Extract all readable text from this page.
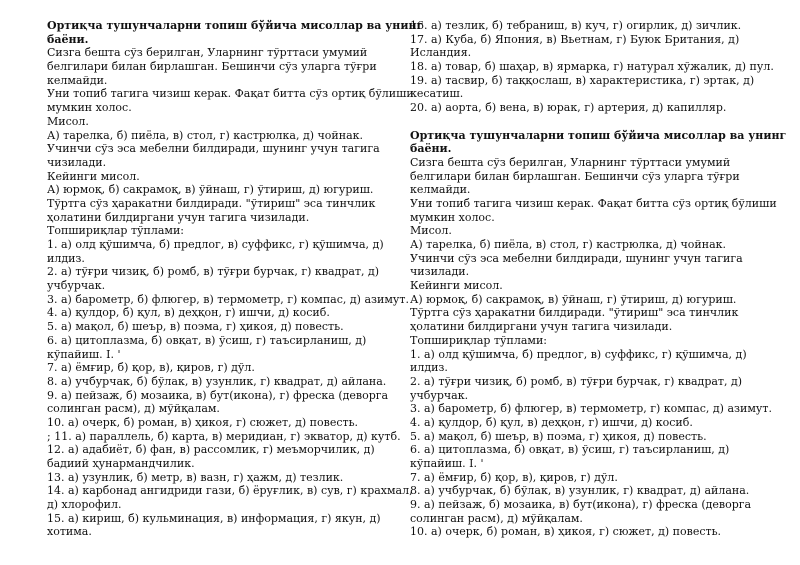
Ортиқча тушунчаларни топиш бўйича мисоллар ва унинг
баёни.
Сизга бешта сўз берилган, Уларнинг тўрттаси умумий
белгилари билан бирлашган. Бешинчи сўз уларга тўғри
келмайди.
Уни топиб тагига чизиш керак. Фақат битта сўз ортиқ бўлиши
мумкин холос.
Мисол.
А) тарелка, б) пиёла, в) стол, г) кастрюлка, д) чойнак.
Учинчи сўз эса мебелни билдиради, шунинг учун тагига
чизилади.
Кейинги мисол.
А) юрмоқ, б) сакрамоқ, в) ўйнаш, г) ўтириш, д) югуриш.
Тўртга сўз ҳаракатни билдиради. "ўтириш" эса тинчлик
ҳолатини билдиргани учун тагига чизилади.
Топшириқлар тўплами:
1. а) олд қўшимча, б) предлог, в) суффикс, г) қўшимча, д)
илдиз.
2. а) тўғри чизиқ, б) ромб, в) тўғри бурчак, г) квадрат, д)
учбурчак.
3. а) барометр, б) флюгер, в) термометр, г) компас, д) азимут.
4. а) қулдор, б) қул, в) деҳқон, г) ишчи, д) косиб.
5. а) мақол, б) шеър, в) поэма, г) ҳикоя, д) повесть.
6. а) цитоплазма, б) овқат, в) ўсиш, г) таъсирланиш, д)
кўпайиш. І. '
7. а) ёмғир, б) қор, в), қиров, г) дўл.
8. а) учбурчак, б) бўлак, в) узунлик, г) квадрат, д) айлана.
9. а) пейзаж, б) мозаика, в) бут(икона), г) фреска (деворга
солинган расм), д) мўйқалам.
10. а) очерк, б) роман, в) ҳикоя, г) сюжет, д) повесть.
; 11. а) параллель, б) карта, в) меридиан, г) экватор, д) кутб.
12. а) адабиёт, б) фан, в) рассомлик, г) меъморчилик, д)
бадиий ҳунармандчилик.
13. а) узунлик, б) метр, в) вазн, г) ҳажм, д) тезлик.
14. а) карбонад ангидриди гази, б) ёруғлик, в) сув, г) крахмал,
д) хлорофил.
15. а) кириш, б) кульминация, в) информация, г) якун, д)
хотима.
16. а) тезлик, б) тебраниш, в) куч, г) огирлик, д) зичлик.
17. а) Куба, б) Япония, в) Вьетнам, г) Буюк Британия, д)
Исландия.
18. а) товар, б) шаҳар, в) ярмарка, г) натурал хўжалик, д) пул.
19. а) тасвир, б) таққослаш, в) характеристика, г) эртак, д)
кесатиш.
20. а) аорта, б) вена, в) юрак, г) артерия, д) капилляр.
Ортиқча тушунчаларни топиш бўйича мисоллар ва унинг
баёни.
Сизга бешта сўз берилган, Уларнинг тўрттаси умумий
белгилари билан бирлашган. Бешинчи сўз уларга тўғри
келмайди.
Уни топиб тагига чизиш керак. Фақат битта сўз ортиқ бўлиши
мумкин холос.
Мисол.
А) тарелка, б) пиёла, в) стол, г) кастрюлка, д) чойнак.
Учинчи сўз эса мебелни билдиради, шунинг учун тагига
чизилади.
Кейинги мисол.
А) юрмоқ, б) сакрамоқ, в) ўйнаш, г) ўтириш, д) югуриш.
Тўртга сўз ҳаракатни билдиради. "ўтириш" эса тинчлик
ҳолатини билдиргани учун тагига чизилади.
Топшириқлар тўплами:
1. а) олд қўшимча, б) предлог, в) суффикс, г) қўшимча, д)
илдиз.
2. а) тўғри чизиқ, б) ромб, в) тўғри бурчак, г) квадрат, д)
учбурчак.
3. а) барометр, б) флюгер, в) термометр, г) компас, д) азимут.
4. а) қулдор, б) қул, в) деҳқон, г) ишчи, д) косиб.
5. а) мақол, б) шеър, в) поэма, г) ҳикоя, д) повесть.
6. а) цитоплазма, б) овқат, в) ўсиш, г) таъсирланиш, д)
кўпайиш. І. '
7. а) ёмғир, б) қор, в), қиров, г) дўл.
8. а) учбурчак, б) бўлак, в) узунлик, г) квадрат, д) айлана.
9. а) пейзаж, б) мозаика, в) бут(икона), г) фреска (деворга
солинган расм), д) мўйқалам.
10. а) очерк, б) роман, в) ҳикоя, г) сюжет, д) повесть.
